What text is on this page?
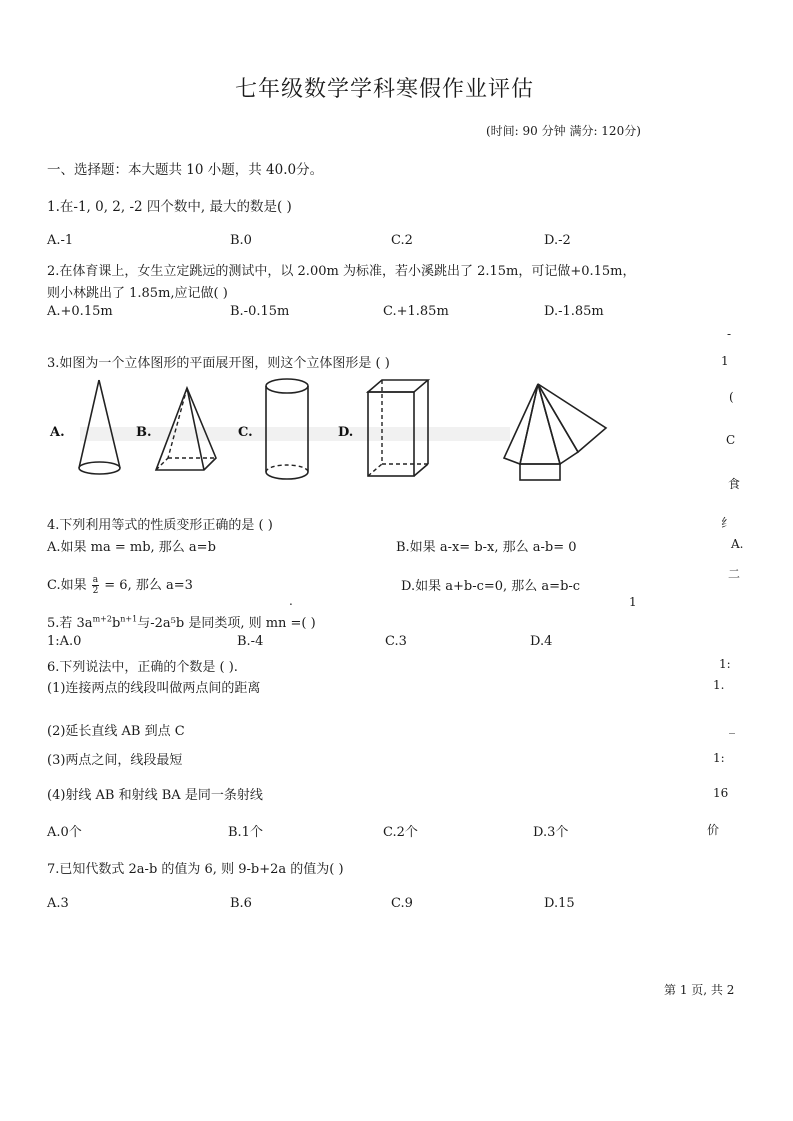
七年级数学学科寒假作业评估
(时间: 90 分钟 满分: 120分)
一、选择题：本大题共 10 小题，共 40.0分。
1.在-1, 0, 2, -2 四个数中, 最大的数是( )
A.-1	B.0	C.2	D.-2
2.在体育课上，女生立定跳远的测试中，以 2.00m 为标准，若小溪跳出了 2.15m，可记做+0.15m，
则小林跳出了 1.85m,应记做( )
A.+0.15m	B.-0.15m	C.+1.85m	D.-1.85m
3.如图为一个立体图形的平面展开图，则这个立体图形是 ( )
A.	B.	C.	D.
4.下列利用等式的性质变形正确的是 ( )
A.如果 ma = mb, 那么 a=b	B.如果 a-x= b-x, 那么 a-b= 0
C.如果 $\frac{a}{2} = 6$, 那么 a=3	D.如果 a+b-c=0, 那么 a=b-c
.
5.若 $3a^{m+2}b^{n+1}$与-2a⁵b 是同类项, 则 mn =( )
1:A.0	B.-4	C.3	D.4
6.下列说法中，正确的个数是 ( ).
(1)连接两点的线段叫做两点间的距离
(2)延长直线 AB 到点 C
(3)两点之间，线段最短
(4)射线 AB 和射线 BA 是同一条射线
A.0个	B.1个	C.2个	D.3个
7.已知代数式 2a-b 的值为 6, 则 9-b+2a 的值为( )
A.3	B.6	C.9	D.15
-
1
(
C
食
纟
A.
二
1
1:
1.
_
1:
16
价
第 1 页, 共 2
